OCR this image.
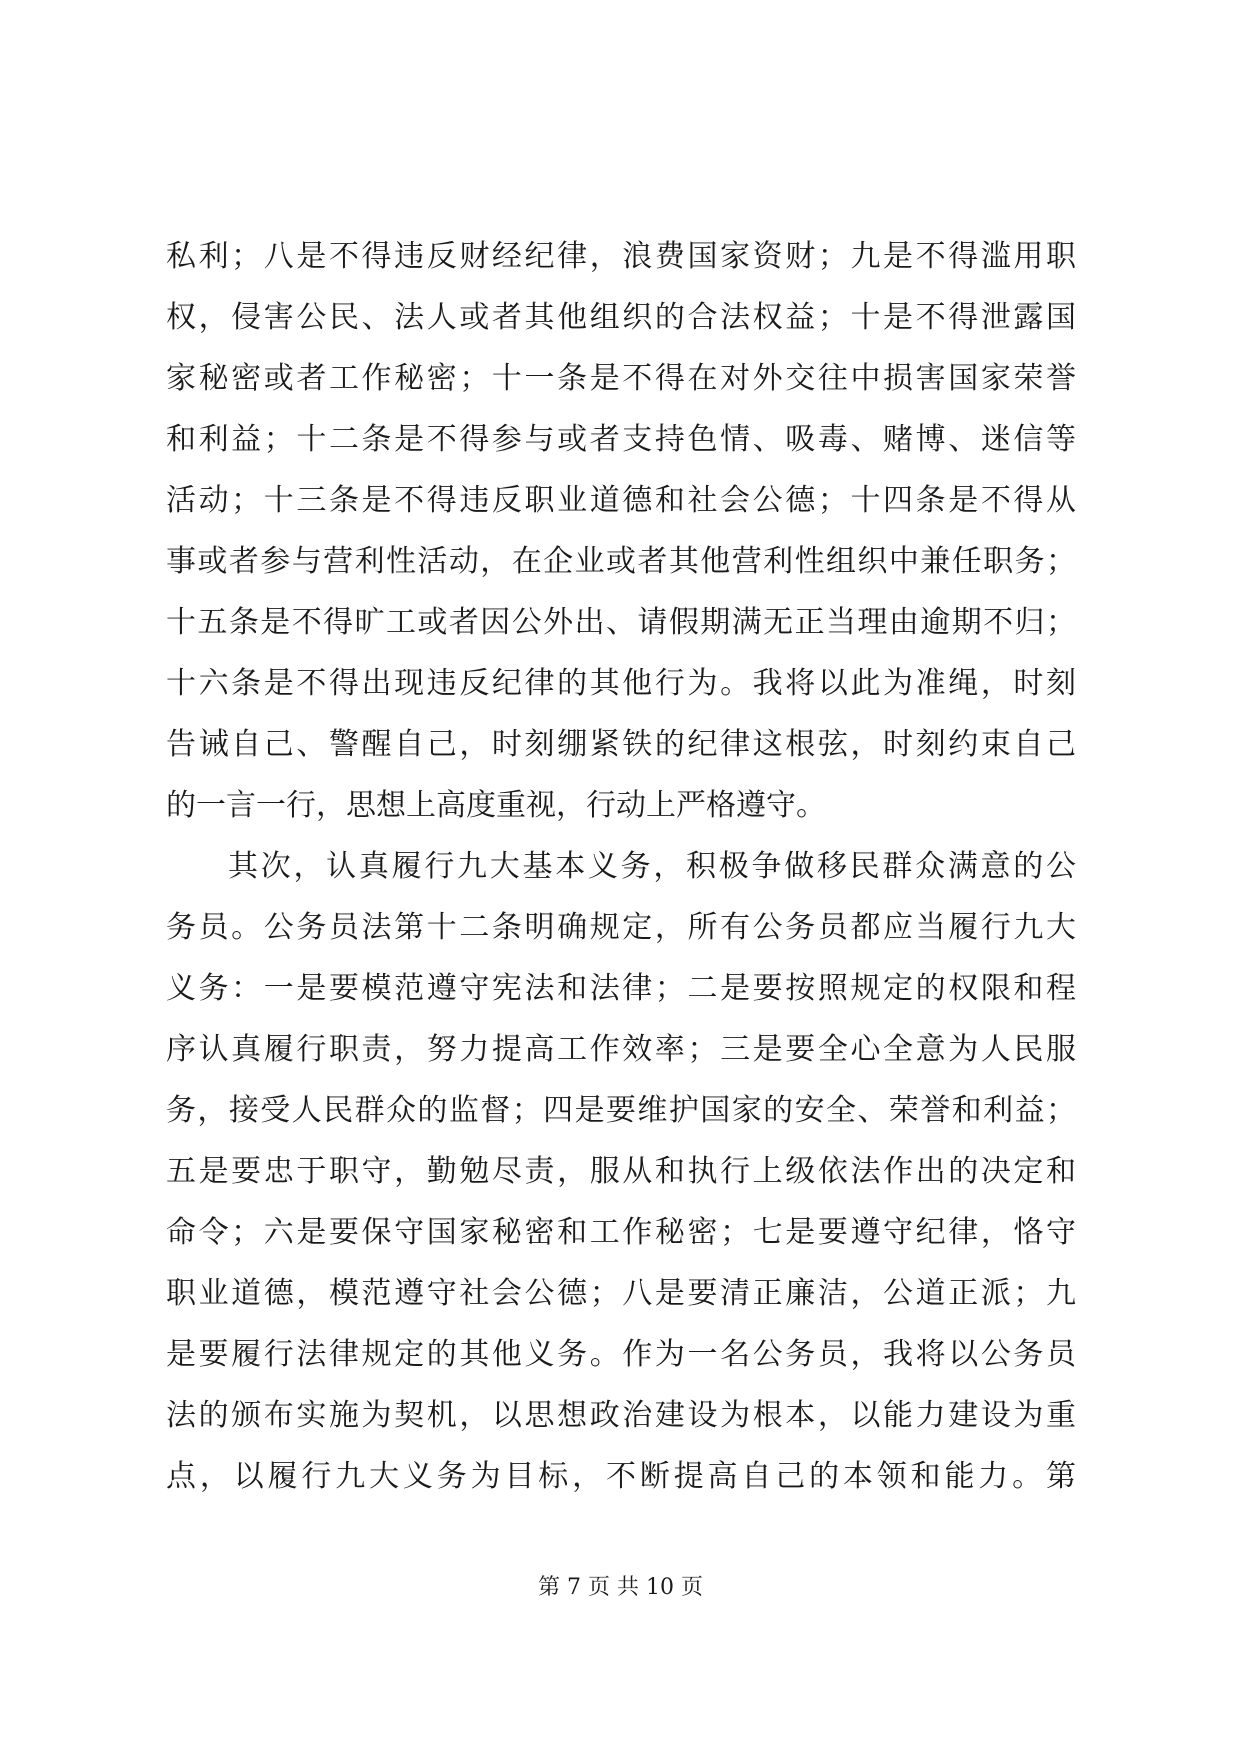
私利；八是不得违反财经纪律，浪费国家资财；九是不得滥用职
权，侵害公民、法人或者其他组织的合法权益；十是不得泄露国
家秘密或者工作秘密；十一条是不得在对外交往中损害国家荣誉
和利益；十二条是不得参与或者支持色情、吸毒、赌博、迷信等
活动；十三条是不得违反职业道德和社会公德；十四条是不得从
事或者参与营利性活动，在企业或者其他营利性组织中兼任职务；
十五条是不得旷工或者因公外出、请假期满无正当理由逾期不归；
十六条是不得出现违反纪律的其他行为。我将以此为准绳，时刻
告诫自己、警醒自己，时刻绷紧铁的纪律这根弦，时刻约束自己
的一言一行，思想上高度重视，行动上严格遵守。
其次，认真履行九大基本义务，积极争做移民群众满意的公
务员。公务员法第十二条明确规定，所有公务员都应当履行九大
义务：一是要模范遵守宪法和法律；二是要按照规定的权限和程
序认真履行职责，努力提高工作效率；三是要全心全意为人民服
务，接受人民群众的监督；四是要维护国家的安全、荣誉和利益；
五是要忠于职守，勤勉尽责，服从和执行上级依法作出的决定和
命令；六是要保守国家秘密和工作秘密；七是要遵守纪律，恪守
职业道德，模范遵守社会公德；八是要清正廉洁，公道正派；九
是要履行法律规定的其他义务。作为一名公务员，我将以公务员
法的颁布实施为契机，以思想政治建设为根本，以能力建设为重
点，以履行九大义务为目标，不断提高自己的本领和能力。第
第 7 页 共 10 页
